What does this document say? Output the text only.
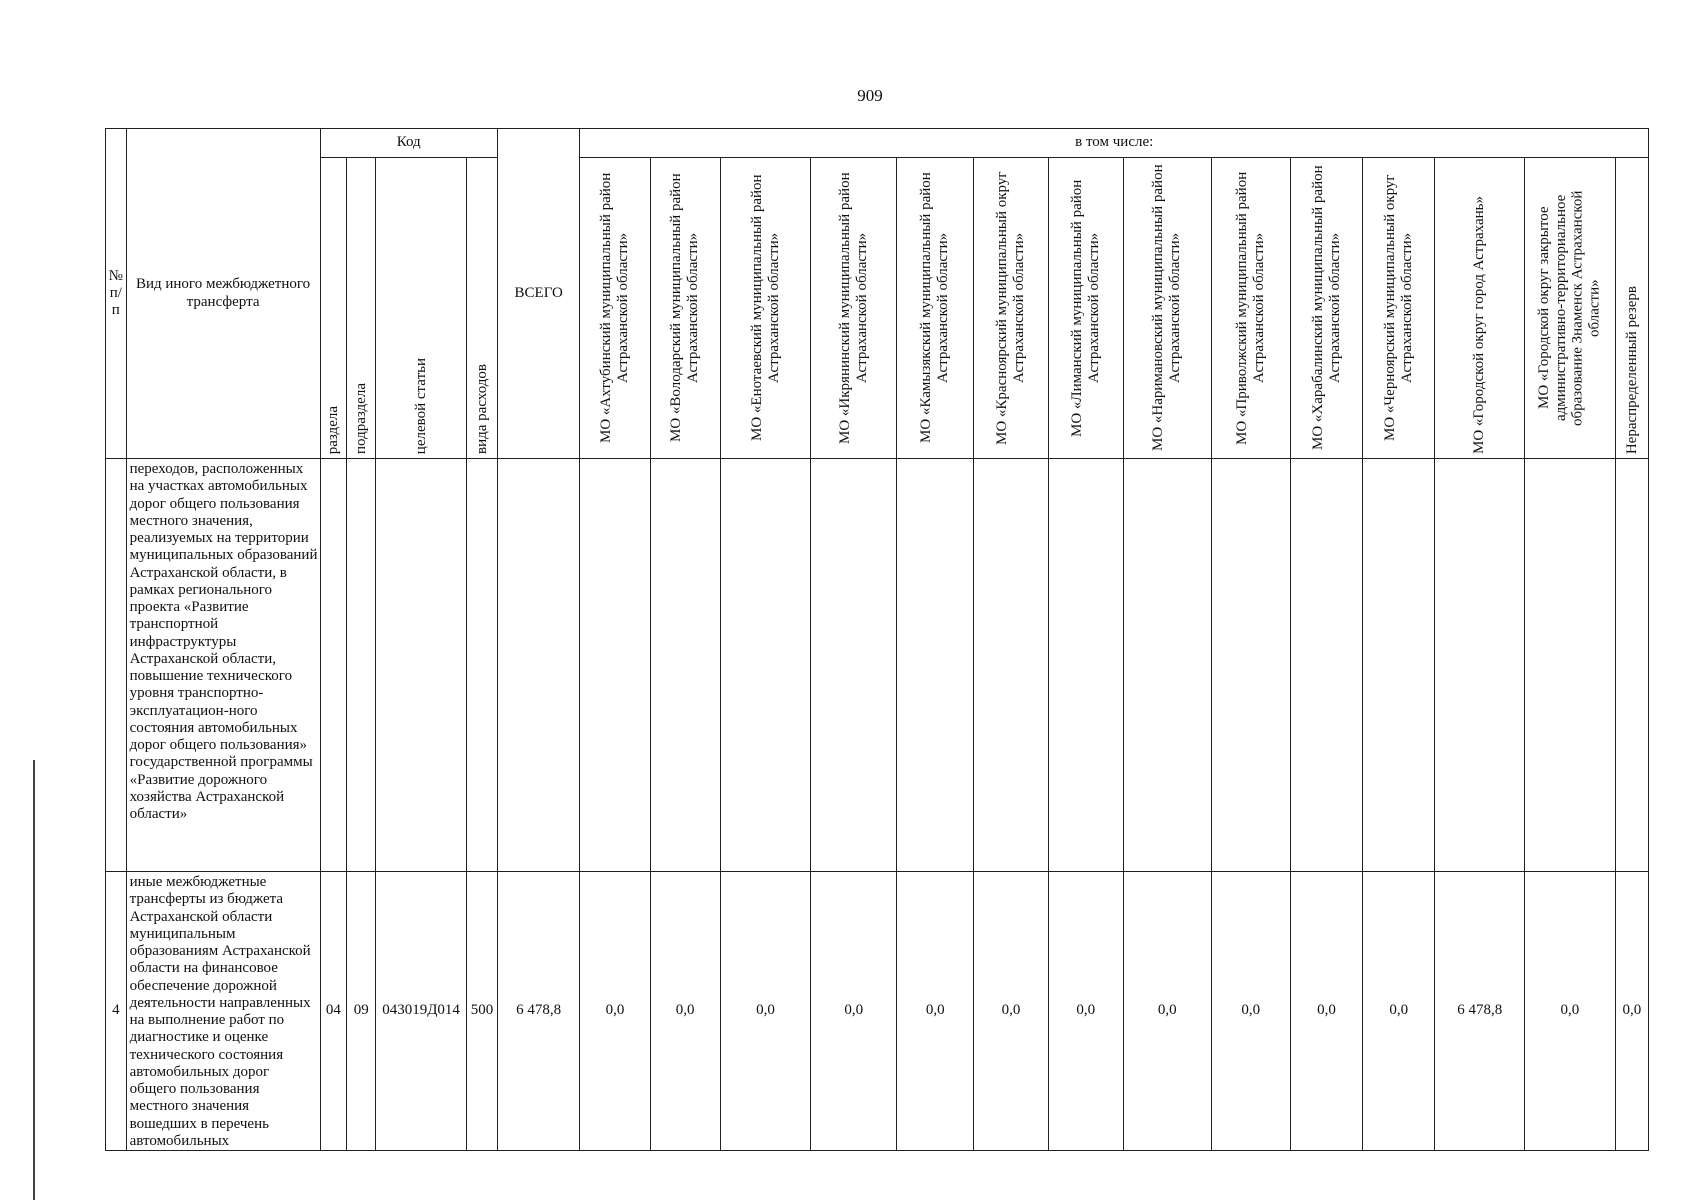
909
№ п/п	Вид иного межбюджетного трансферта	Код				ВСЕГО	в том числе:													

		раздела	подраздела	целевой статьи	вида расходов		МО «Ахтубинский муниципальный район Астраханской области»	МО «Володарский муниципальный район Астраханской области»	МО «Енотаевский муниципальный район Астраханской области»	МО «Икрянинский муниципальный район Астраханской области»	МО «Камызякский муниципальный район Астраханской области»	МО «Красноярский муниципальный округ Астраханской области»	МО «Лиманский муниципальный район Астраханской области»	МО «Наримановский муниципальный район Астраханской области»	МО «Приволжский муниципальный район Астраханской области»	МО «Харабалинский муниципальный район Астраханской области»	МО «Черноярский муниципальный округ Астраханской области»	МО «Городской округ город Астрахань»	МО «Городской округ закрытое административно-территориальное образование Знаменск Астраханской области»	Нераспределенный резерв

	переходов, расположенных на участках автомобильных дорог общего пользования местного значения, реализуемых на территории муниципальных образований Астраханской области, в рамках регионального проекта «Развитие транспортной инфраструктуры Астраханской области, повышение технического уровня транспортно-эксплуатацион-ного состояния автомобильных дорог общего пользования» государственной программы «Развитие дорожного хозяйства Астраханской области»																			
4	иные межбюджетные трансферты из бюджета Астраханской области муниципальным образованиям Астраханской области на финансовое обеспечение дорожной деятельности направленных на выполнение работ по диагностике и оценке технического состояния автомобильных дорог общего пользования местного значения вошедших в перечень автомобильных	04	09	043019Д014	500	6 478,8	0,0	0,0	0,0	0,0	0,0	0,0	0,0	0,0	0,0	0,0	0,0	6 478,8	0,0	0,0
